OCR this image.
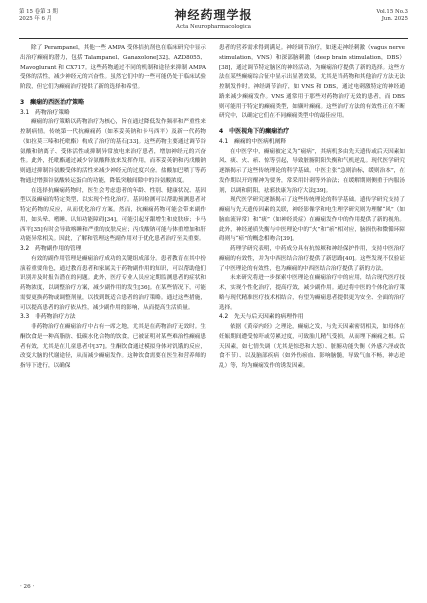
第 15 卷第 3 期
2025 年 6 月	神经药理学报
Acta Neuropharmacologica
Vol.15 No.3
Jun. 2025

除了 Perampanel，其他一些 AMPA 受体拮抗剂也在临床研究中显示出治疗癫痫的潜力，包括 Talampanel、Ganaxolone[32]、AZD8055、Mavoglurant 和 CX717。这些药物通过不同的机制和途径来抑制 AMPA 受体的活性，减少神经元的兴奋性。虽然它们中的一些可能仍处于临床试验阶段，但它们为癫痫治疗提供了新的选择和希望。

3　癫痫的西医治疗策略
3.1　药物治疗策略

癫痫的治疗策略以药物治疗为核心，旨在通过降低发作频率和严重性来控制病情。传统第一代抗癫痫药（如苯妥英钠和卡马西平）及新一代药物（如拉莫三嗪和托吡酯）构成了治疗的基石[33]。这些药物主要通过调节谷氨酸和钠离子、受体活性或抑制异常放电来治疗患者，增加神经元的兴奋性。此外，托吡酯通过减少谷氨酸释放来发挥作用，而苯妥英钠和丙戊酸钠则通过抑制谷氨酸受体的活性来减少神经元的过度兴奋。盐酸加巴喷丁等药物通过增强谷氨酸转运蛋白的功能，降低突触间隙中的谷氨酸浓度。

在选择抗癫痫药物时，医生会考虑患者的年龄、性别、健康状况、基因型以及癫痫的特定类型，以实现个性化治疗。基因检测可以帮助预测患者对特定药物的反应，从而优化治疗方案。然而，抗癫痫药物可能会带来副作用，如头晕、嗜睡、认知功能障碍[34]，可能引起牙龈增生和皮肤疹；卡马西平[35]有时会导致喀睡和严重的皮肤反应；丙戊酸钠可能与体重增加和肝功能异常相关。因此，了解和管理这些副作用对于优化患者治疗至关重要。

3.2　药物副作用的管理

有效的副作用管理是癫痫治疗成功的关键组成部分。患者教育在其中扮演着重要角色，通过教育患者和家属关于药物副作用的知识，可以帮助他们识别并及时报告潜在的问题。此外，医疗专业人员应定期监测患者的症状和药物浓度，以调整治疗方案，减少副作用的发生[36]。在某些情况下，可能需要更换药物或调整剂量，以找到既适合患者的治疗策略。通过这些措施，可以提高患者的治疗依从性，减少副作用的影响，从而提高生活质量。

3.3　非药物治疗方法

非药物治疗在癫痫治疗中占有一席之地，尤其是在药物治疗无效时。生酮饮食是一种高脂肪、低碳水化合物的饮食，已被证明对某些难治性癫痫患者有效，尤其是在儿童患者中[37]。生酮饮食通过模拟身体对饥饿的反应，改变大脑的代谢途径，从而减少癫痫发作。这种饮食需要在医生和营养师的指导下进行，以确保

患者的营养需求得到满足。神经调节治疗，如迷走神经刺激（vagus nerve stimulation，VNS）和深部脑刺激（deep brain stimulation，DBS）[38]，通过调节特定脑区的神经活动，为癫痫治疗提供了新的选择。这些方法在某些癫痫综合征中显示出显著效果，尤其是当药物和其他治疗方法无法控制发作时。神经调节治疗，如 VNS 和 DBS，通过电刺激特定的神经通路来减少癫痫发作。VNS 通常用于那些对药物治疗无效的患者，而 DBS 则可能用于特定的癫痫类型，如颞叶癫痫。这些治疗方法的有效性正在不断研究中，以确定它们在不同癫痫类型中的最佳应用。

4　中医视角下的癫痫治疗
4.1　癫痫的中医病机阐释

在中医学中，癫痫被定义为“痫病”，其病机多由先天遗传或后天因素如风、痰、火、瘀、惊等引起，导致脏腑阴阳失衡和气机逆乱。现代医学研究逐渐揭示了这些传统理论的科学基础。中医主张“急则治标，缓则治本”，在发作期以开窍醒神为要务，常采用针刺等外治法；在缓解期则侧重于内服汤剂，以调和阴阳，祛邪扶康为治疗大法[39]。

现代医学研究逐渐揭示了这些传统理论的科学基础。遗传学研究支持了癫痫与先天遗传因素的关联，神经影像学和电生理学研究则为理解“风”（如脑血流异常）和“痰”（如神经炎症）在癫痫发作中的作用提供了新的视角。此外，神经递质失衡与中医理论中的“火”和“瘀”相对应，脑损伤和微循环障碍则与“瘀”的概念相吻合[39]。

药理学研究表明，中药成分具有抗惊厥和神经保护作用，支持中医治疗癫痫的有效性，并为中西医结合治疗提供了新思路[40]。这些发现不仅验证了中医理论的有效性，也为癫痫的中西医结合治疗提供了新的方法。

未来研究将进一步探索中医理论在癫痫治疗中的应用，结合现代医疗技术，实现个性化治疗，提高疗效，减少副作用。通过将中医的个体化治疗策略与现代精准医疗技术相结合，有望为癫痫患者提供更为安全、全面的治疗选择。

4.2　先天与后天因素的病理作用

依据《黄帝内经》之理论，癫痫之发，与先天因素密切相关，如母体在妊娠期间遭受惊吓或劳累过度，可致胎儿精气受损，从而埋下癫痫之根。后天因素，如七情失调（尤其是惊恐和大怒）、脏腑功能失衡（外感六淫或饮食不节）、以及脑部疾病（如外伤瘀血、影响脑髓，导致气血不畅，神志逆乱）等，均为癫痫发作的诱发因素。

· 26 ·
